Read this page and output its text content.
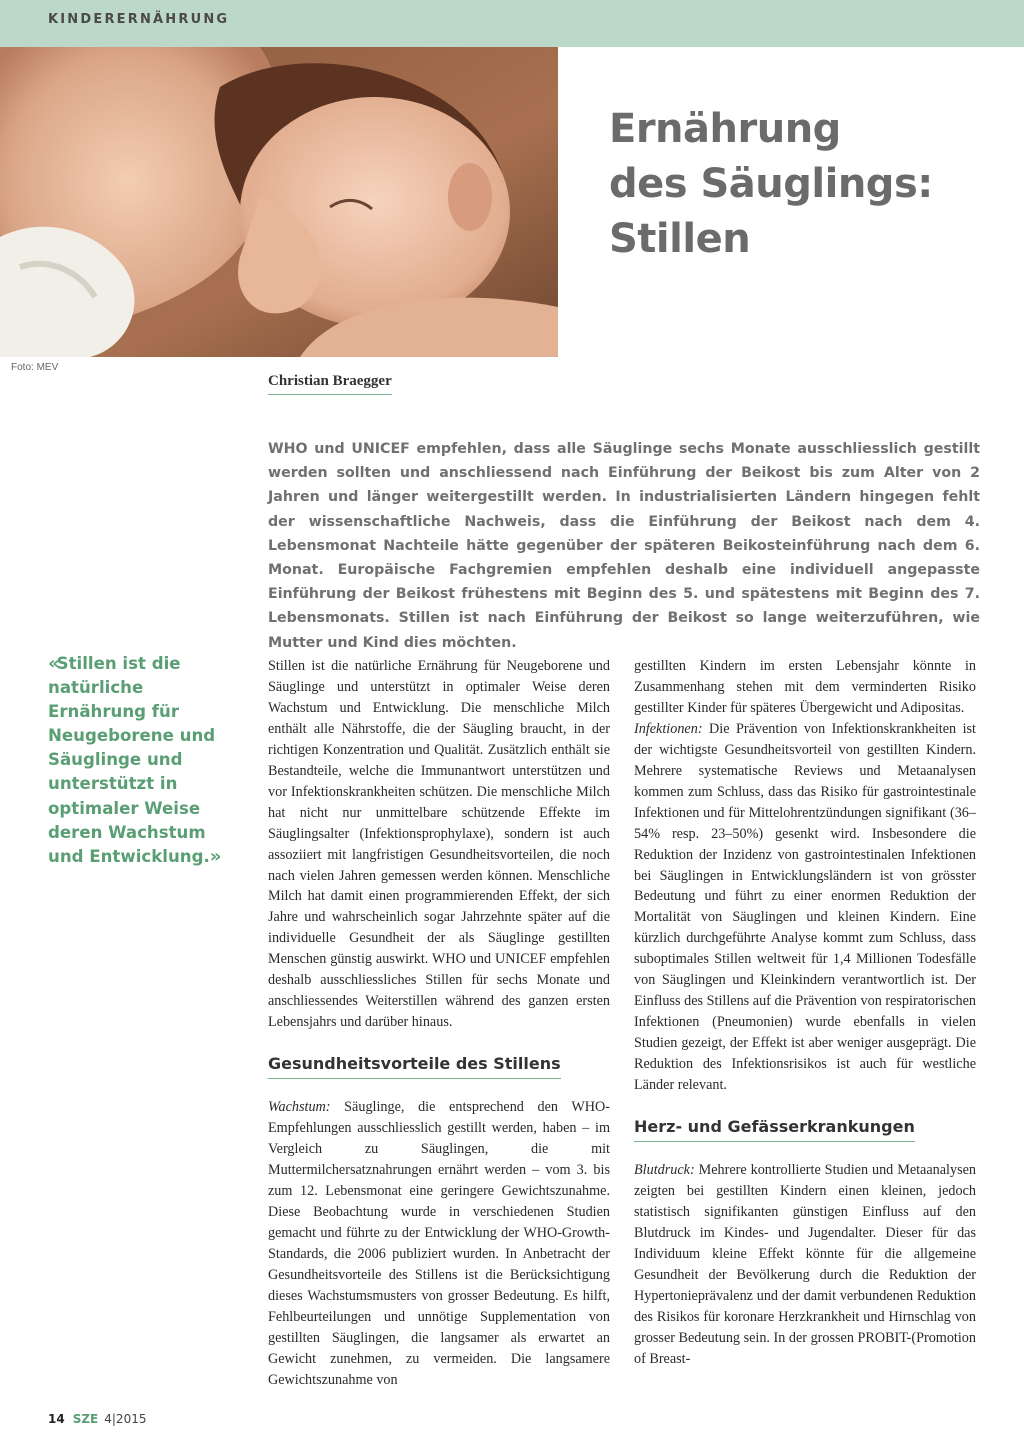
KINDERERNÄHRUNG
Foto: MEV
Ernährung
des Säuglings:
Stillen
Christian Braegger

WHO und UNICEF empfehlen, dass alle Säuglinge sechs Monate ausschliesslich gestillt werden sollten und anschliessend nach Einführung der Beikost bis zum Alter von 2 Jahren und länger weitergestillt werden. In industrialisierten Ländern hingegen fehlt der wissenschaftliche Nachweis, dass die Einführung der Beikost nach dem 4. Lebensmonat Nachteile hätte gegenüber der späteren Beikosteinführung nach dem 6. Monat. Europäische Fachgremien empfehlen deshalb eine individuell angepasste Einführung der Beikost frühestens mit Beginn des 5. und spätestens mit Beginn des 7. Lebensmonats. Stillen ist nach Einführung der Beikost so lange weiterzuführen, wie Mutter und Kind dies möchten.

«Stillen ist die natürliche Ernährung für Neugeborene und Säuglinge und unterstützt in optimaler Weise deren Wachstum und Entwicklung.»

Stillen ist die natürliche Ernährung für Neugeborene und Säuglinge und unterstützt in optimaler Weise deren Wachstum und Entwicklung. Die menschliche Milch enthält alle Nährstoffe, die der Säugling braucht, in der richtigen Konzentration und Qualität. Zusätzlich enthält sie Bestandteile, welche die Immunantwort unterstützen und vor Infektionskrankheiten schützen. Die menschliche Milch hat nicht nur unmittelbare schützende Effekte im Säuglingsalter (Infektionsprophylaxe), sondern ist auch assoziiert mit langfristigen Gesundheitsvorteilen, die noch nach vielen Jahren gemessen werden können. Menschliche Milch hat damit einen programmierenden Effekt, der sich Jahre und wahrscheinlich sogar Jahrzehnte später auf die individuelle Gesundheit der als Säuglinge gestillten Menschen günstig auswirkt. WHO und UNICEF empfehlen deshalb ausschliessliches Stillen für sechs Monate und anschliessendes Weiterstillen während des ganzen ersten Lebensjahrs und darüber hinaus.

Gesundheitsvorteile des Stillens

Wachstum: Säuglinge, die entsprechend den WHO-Empfehlungen ausschliesslich gestillt werden, haben – im Vergleich zu Säuglingen, die mit Muttermilchersatznahrungen ernährt werden – vom 3. bis zum 12. Lebensmonat eine geringere Gewichtszunahme. Diese Beobachtung wurde in verschiedenen Studien gemacht und führte zu der Entwicklung der WHO-Growth-Standards, die 2006 publiziert wurden. In Anbetracht der Gesundheitsvorteile des Stillens ist die Berücksichtigung dieses Wachstumsmusters von grosser Bedeutung. Es hilft, Fehlbeurteilungen und unnötige Supplementation von gestillten Säuglingen, die langsamer als erwartet an Gewicht zunehmen, zu vermeiden. Die langsamere Gewichtszunahme von

gestillten Kindern im ersten Lebensjahr könnte in Zusammenhang stehen mit dem verminderten Risiko gestillter Kinder für späteres Übergewicht und Adipositas.

Infektionen: Die Prävention von Infektionskrankheiten ist der wichtigste Gesundheitsvorteil von gestillten Kindern. Mehrere systematische Reviews und Metaanalysen kommen zum Schluss, dass das Risiko für gastrointestinale Infektionen und für Mittelohrentzündungen signifikant (36–54% resp. 23–50%) gesenkt wird. Insbesondere die Reduktion der Inzidenz von gastrointestinalen Infektionen bei Säuglingen in Entwicklungsländern ist von grösster Bedeutung und führt zu einer enormen Reduktion der Mortalität von Säuglingen und kleinen Kindern. Eine kürzlich durchgeführte Analyse kommt zum Schluss, dass suboptimales Stillen weltweit für 1,4 Millionen Todesfälle von Säuglingen und Kleinkindern verantwortlich ist. Der Einfluss des Stillens auf die Prävention von respiratorischen Infektionen (Pneumonien) wurde ebenfalls in vielen Studien gezeigt, der Effekt ist aber weniger ausgeprägt. Die Reduktion des Infektionsrisikos ist auch für westliche Länder relevant.

Herz- und Gefässerkrankungen

Blutdruck: Mehrere kontrollierte Studien und Metaanalysen zeigten bei gestillten Kindern einen kleinen, jedoch statistisch signifikanten günstigen Einfluss auf den Blutdruck im Kindes- und Jugendalter. Dieser für das Individuum kleine Effekt könnte für die allgemeine Gesundheit der Bevölkerung durch die Reduktion der Hypertonieprävalenz und der damit verbundenen Reduktion des Risikos für koronare Herzkrankheit und Hirnschlag von grosser Bedeutung sein. In der grossen PROBIT-(Promotion of Breast-

14 SZE 4|2015
